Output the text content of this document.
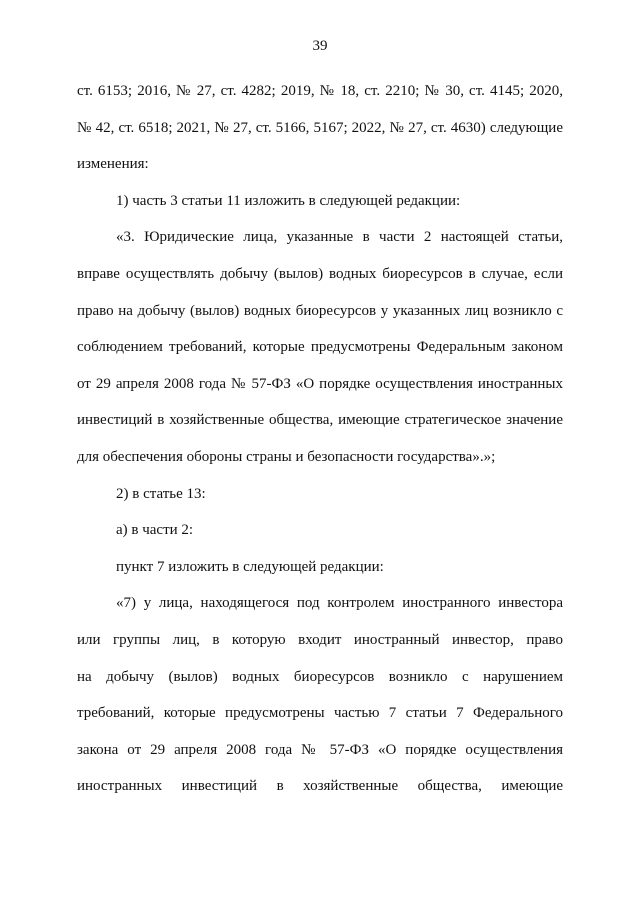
39
ст. 6153; 2016, № 27, ст. 4282; 2019, № 18, ст. 2210; № 30, ст. 4145; 2020,
№ 42, ст. 6518; 2021, № 27, ст. 5166, 5167; 2022, № 27, ст. 4630) следующие
изменения:
1) часть 3 статьи 11 изложить в следующей редакции:
«3. Юридические лица, указанные в части 2 настоящей статьи,
вправе осуществлять добычу (вылов) водных биоресурсов в случае, если
право на добычу (вылов) водных биоресурсов у указанных лиц возникло с
соблюдением требований, которые предусмотрены Федеральным законом
от 29 апреля 2008 года № 57-ФЗ «О порядке осуществления иностранных
инвестиций в хозяйственные общества, имеющие стратегическое значение
для обеспечения обороны страны и безопасности государства».»;
2) в статье 13:
а) в части 2:
пункт 7 изложить в следующей редакции:
«7) у лица, находящегося под контролем иностранного инвестора
или группы лиц, в которую входит иностранный инвестор, право
на добычу (вылов) водных биоресурсов возникло с нарушением
требований, которые предусмотрены частью 7 статьи 7 Федерального
закона от 29 апреля 2008 года № 57-ФЗ «О порядке осуществления
иностранных инвестиций в хозяйственные общества, имеющие
